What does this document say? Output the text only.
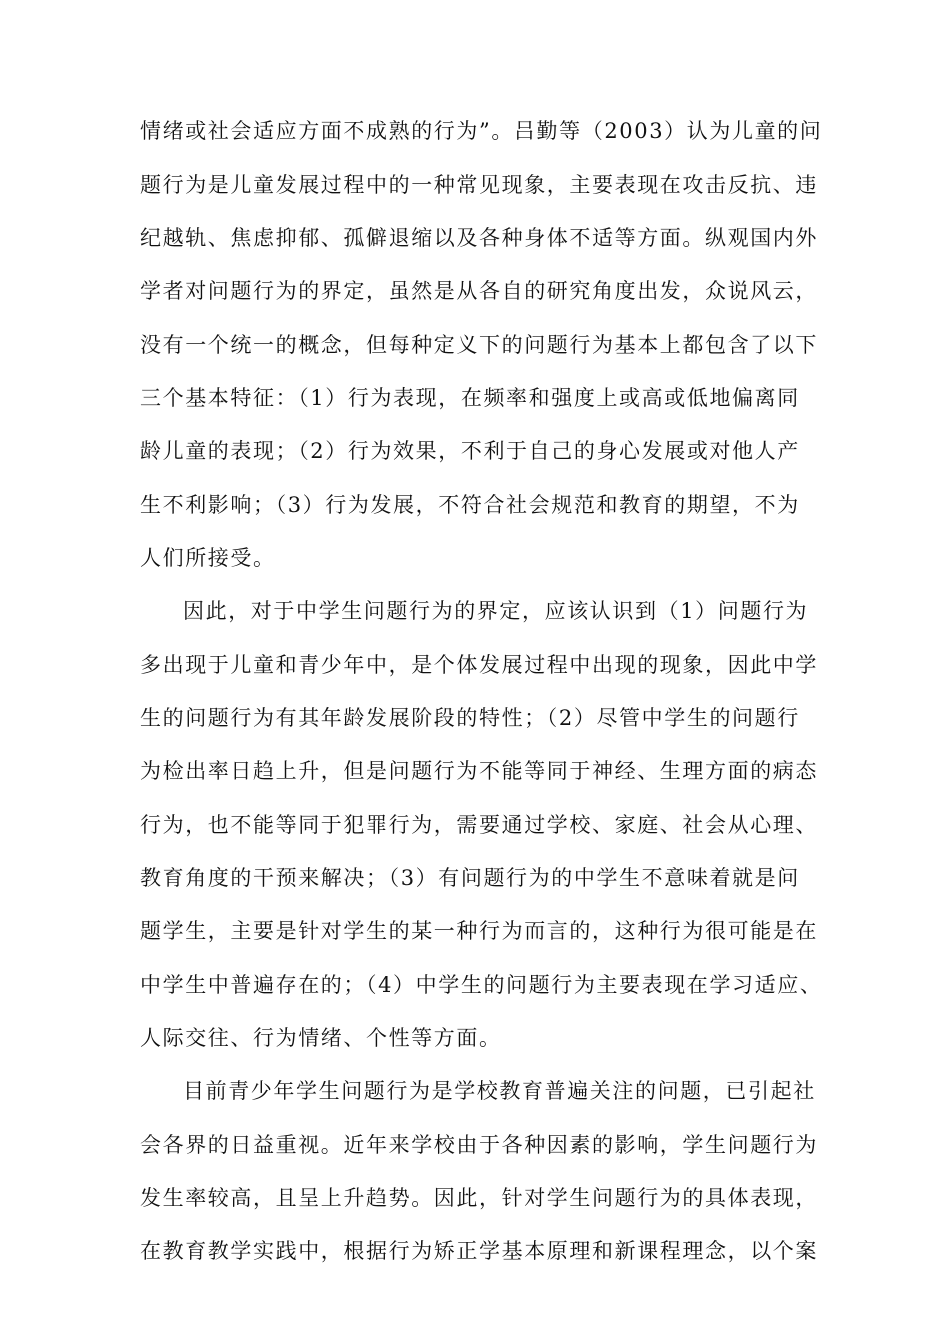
情绪或社会适应方面不成熟的行为”。吕勤等（2003）认为儿童的问
题行为是儿童发展过程中的一种常见现象，主要表现在攻击反抗、违
纪越轨、焦虑抑郁、孤僻退缩以及各种身体不适等方面。纵观国内外
学者对问题行为的界定，虽然是从各自的研究角度出发，众说风云，
没有一个统一的概念，但每种定义下的问题行为基本上都包含了以下
三个基本特征：（1）行为表现，在频率和强度上或高或低地偏离同
龄儿童的表现；（2）行为效果，不利于自己的身心发展或对他人产
生不利影响；（3）行为发展，不符合社会规范和教育的期望，不为
人们所接受。
因此，对于中学生问题行为的界定，应该认识到（1）问题行为
多出现于儿童和青少年中，是个体发展过程中出现的现象，因此中学
生的问题行为有其年龄发展阶段的特性；（2）尽管中学生的问题行
为检出率日趋上升，但是问题行为不能等同于神经、生理方面的病态
行为，也不能等同于犯罪行为，需要通过学校、家庭、社会从心理、
教育角度的干预来解决；（3）有问题行为的中学生不意味着就是问
题学生，主要是针对学生的某一种行为而言的，这种行为很可能是在
中学生中普遍存在的；（4）中学生的问题行为主要表现在学习适应、
人际交往、行为情绪、个性等方面。
目前青少年学生问题行为是学校教育普遍关注的问题，已引起社
会各界的日益重视。近年来学校由于各种因素的影响，学生问题行为
发生率较高，且呈上升趋势。因此，针对学生问题行为的具体表现，
在教育教学实践中，根据行为矫正学基本原理和新课程理念，以个案
